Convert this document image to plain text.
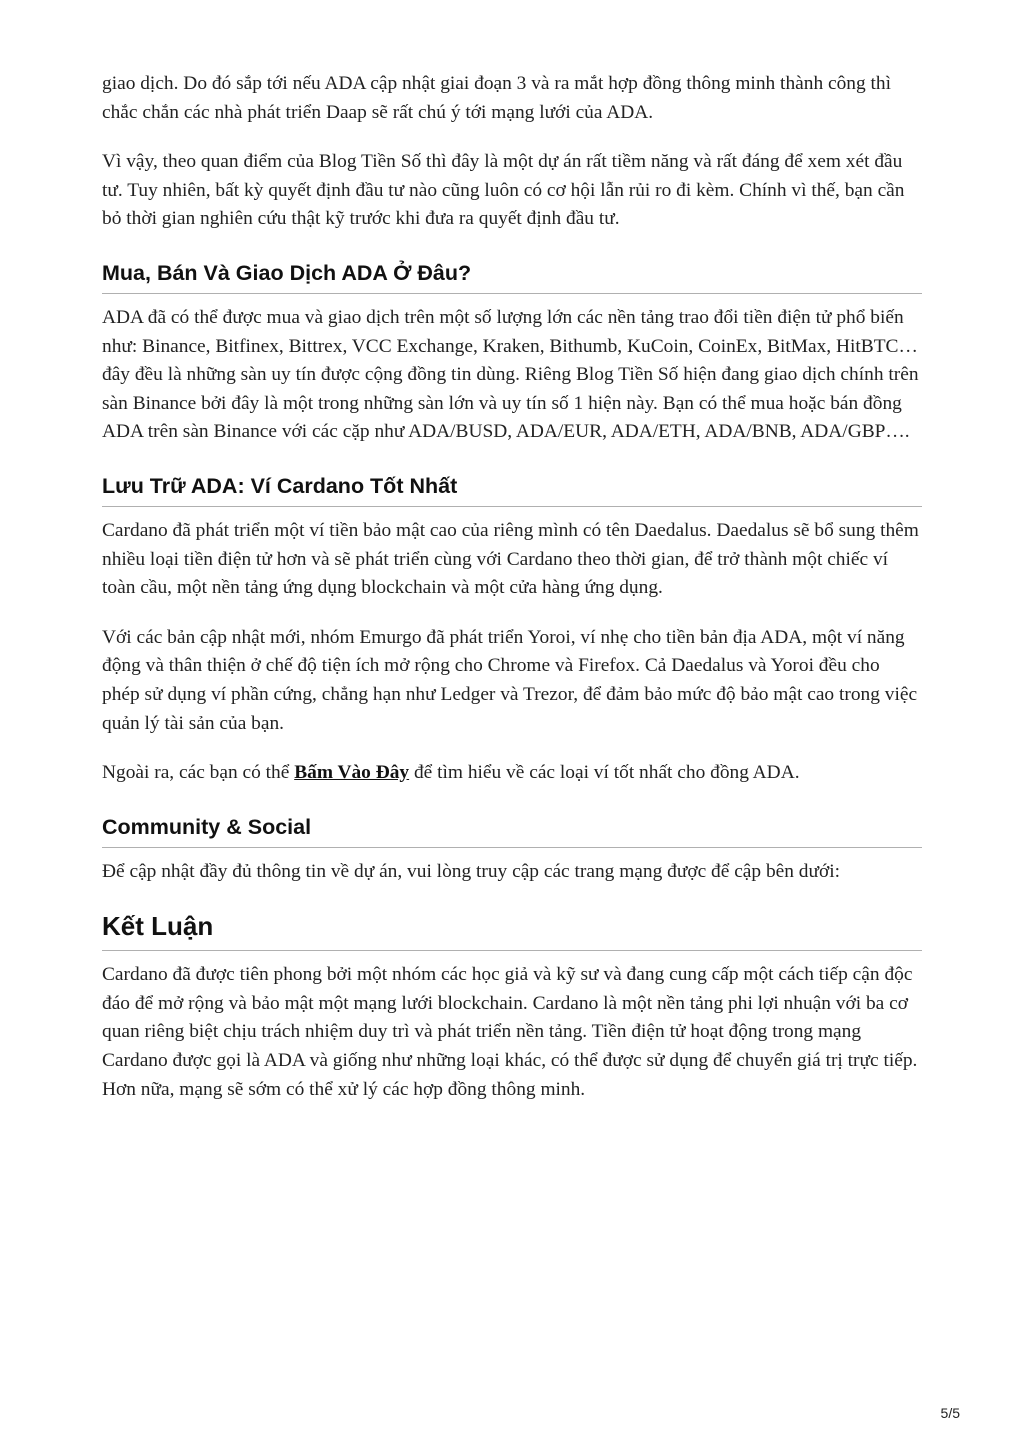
giao dịch. Do đó sắp tới nếu ADA cập nhật giai đoạn 3 và ra mắt hợp đồng thông minh thành công thì chắc chắn các nhà phát triển Daap sẽ rất chú ý tới mạng lưới của ADA.

Vì vậy, theo quan điểm của Blog Tiền Số thì đây là một dự án rất tiềm năng và rất đáng để xem xét đầu tư. Tuy nhiên, bất kỳ quyết định đầu tư nào cũng luôn có cơ hội lẫn rủi ro đi kèm. Chính vì thế, bạn cần bỏ thời gian nghiên cứu thật kỹ trước khi đưa ra quyết định đầu tư.

Mua, Bán Và Giao Dịch ADA Ở Đâu?

ADA đã có thể được mua và giao dịch trên một số lượng lớn các nền tảng trao đổi tiền điện tử phổ biến như: Binance, Bitfinex, Bittrex, VCC Exchange, Kraken, Bithumb, KuCoin, CoinEx, BitMax, HitBTC… đây đều là những sàn uy tín được cộng đồng tin dùng. Riêng Blog Tiền Số hiện đang giao dịch chính trên sàn Binance bởi đây là một trong những sàn lớn và uy tín số 1 hiện này. Bạn có thể mua hoặc bán đồng ADA trên sàn Binance với các cặp như ADA/BUSD, ADA/EUR, ADA/ETH, ADA/BNB, ADA/GBP….

Lưu Trữ ADA: Ví Cardano Tốt Nhất

Cardano đã phát triển một ví tiền bảo mật cao của riêng mình có tên Daedalus. Daedalus sẽ bổ sung thêm nhiều loại tiền điện tử hơn và sẽ phát triển cùng với Cardano theo thời gian, để trở thành một chiếc ví toàn cầu, một nền tảng ứng dụng blockchain và một cửa hàng ứng dụng.

Với các bản cập nhật mới, nhóm Emurgo đã phát triển Yoroi, ví nhẹ cho tiền bản địa ADA, một ví năng động và thân thiện ở chế độ tiện ích mở rộng cho Chrome và Firefox. Cả Daedalus và Yoroi đều cho phép sử dụng ví phần cứng, chẳng hạn như Ledger và Trezor, để đảm bảo mức độ bảo mật cao trong việc quản lý tài sản của bạn.

Ngoài ra, các bạn có thể Bấm Vào Đây để tìm hiểu về các loại ví tốt nhất cho đồng ADA.

Community & Social

Để cập nhật đầy đủ thông tin về dự án, vui lòng truy cập các trang mạng được để cập bên dưới:

Kết Luận

Cardano đã được tiên phong bởi một nhóm các học giả và kỹ sư và đang cung cấp một cách tiếp cận độc đáo để mở rộng và bảo mật một mạng lưới blockchain. Cardano là một nền tảng phi lợi nhuận với ba cơ quan riêng biệt chịu trách nhiệm duy trì và phát triển nền tảng. Tiền điện tử hoạt động trong mạng Cardano được gọi là ADA và giống như những loại khác, có thể được sử dụng để chuyển giá trị trực tiếp. Hơn nữa, mạng sẽ sớm có thể xử lý các hợp đồng thông minh.

5/5
